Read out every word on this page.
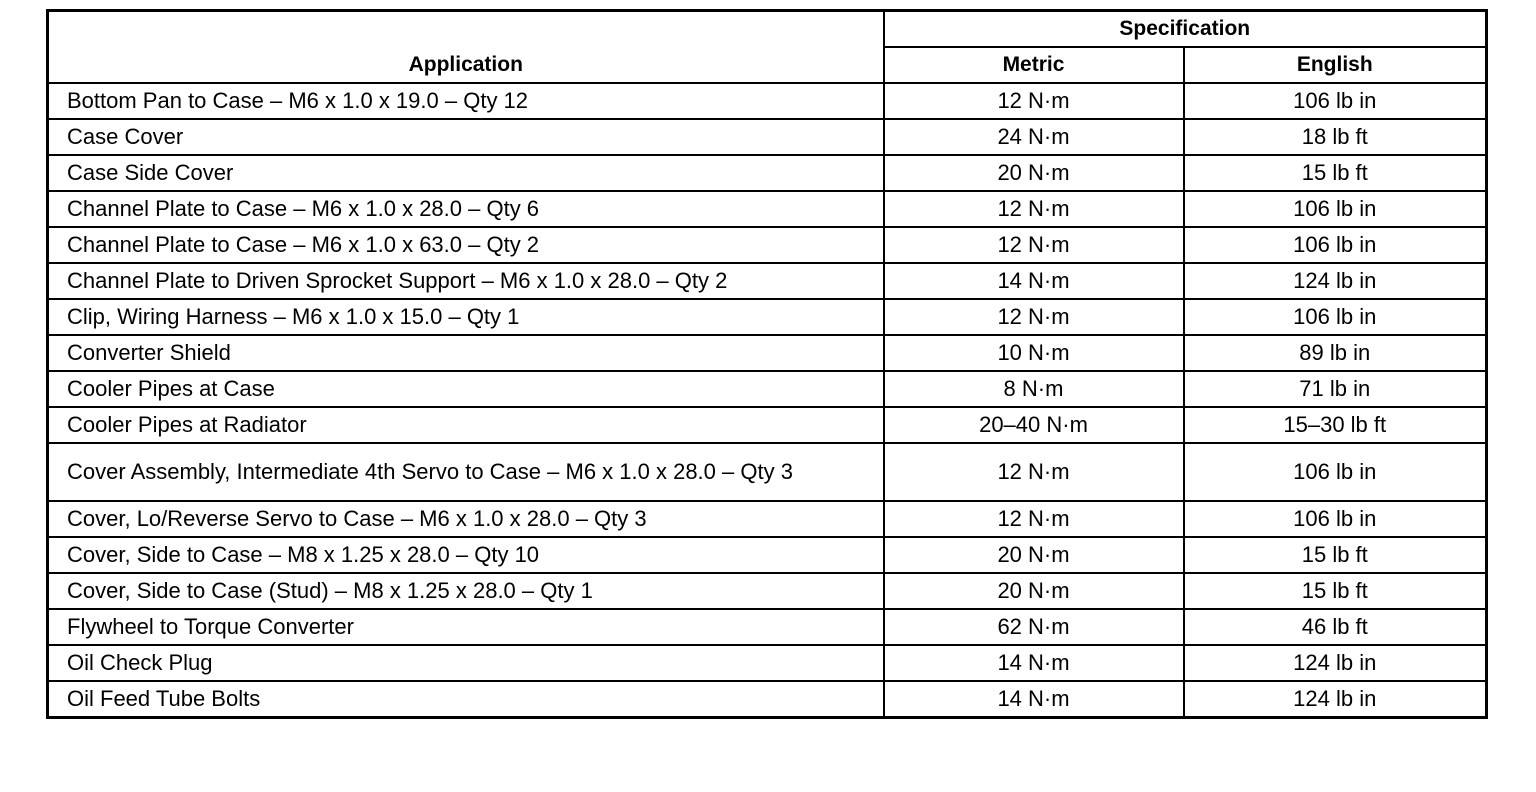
Application	Specification	
	Metric	English
Bottom Pan to Case – M6 x 1.0 x 19.0 – Qty 12	12 N·m	106 lb in
Case Cover	24 N·m	18 lb ft
Case Side Cover	20 N·m	15 lb ft
Channel Plate to Case – M6 x 1.0 x 28.0 – Qty 6	12 N·m	106 lb in
Channel Plate to Case – M6 x 1.0 x 63.0 – Qty 2	12 N·m	106 lb in
Channel Plate to Driven Sprocket Support – M6 x 1.0 x 28.0 – Qty 2	14 N·m	124 lb in
Clip, Wiring Harness – M6 x 1.0 x 15.0 – Qty 1	12 N·m	106 lb in
Converter Shield	10 N·m	89 lb in
Cooler Pipes at Case	8 N·m	71 lb in
Cooler Pipes at Radiator	20–40 N·m	15–30 lb ft
Cover Assembly, Intermediate 4th Servo to Case – M6 x 1.0 x 28.0 – Qty 3	12 N·m	106 lb in
Cover, Lo/Reverse Servo to Case – M6 x 1.0 x 28.0 – Qty 3	12 N·m	106 lb in
Cover, Side to Case – M8 x 1.25 x 28.0 – Qty 10	20 N·m	15 lb ft
Cover, Side to Case (Stud) – M8 x 1.25 x 28.0 – Qty 1	20 N·m	15 lb ft
Flywheel to Torque Converter	62 N·m	46 lb ft
Oil Check Plug	14 N·m	124 lb in
Oil Feed Tube Bolts	14 N·m	124 lb in
